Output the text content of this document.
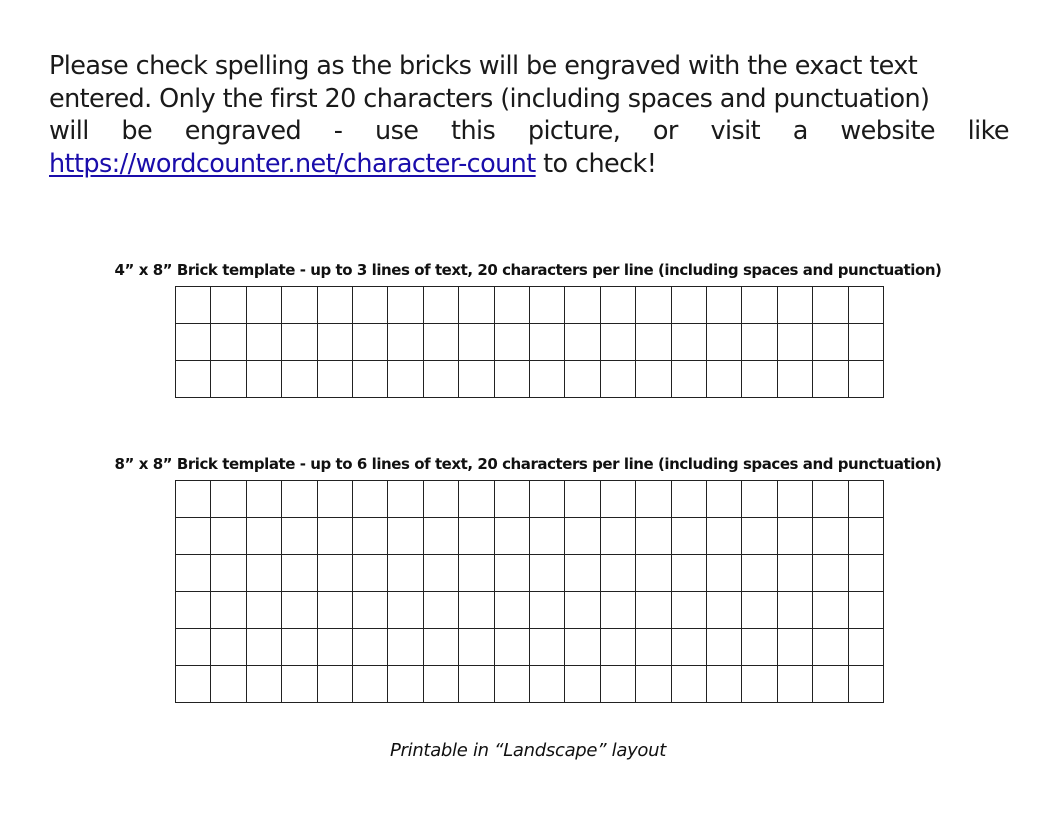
Please check spelling as the bricks will be engraved with the exact text
entered. Only the first 20 characters (including spaces and punctuation)
will be engraved - use this picture, or visit a website like
https://wordcounter.net/character-count to check!
4” x 8” Brick template - up to 3 lines of text, 20 characters per line (including spaces and punctuation)
8” x 8” Brick template - up to 6 lines of text, 20 characters per line (including spaces and punctuation)
Printable in “Landscape” layout
